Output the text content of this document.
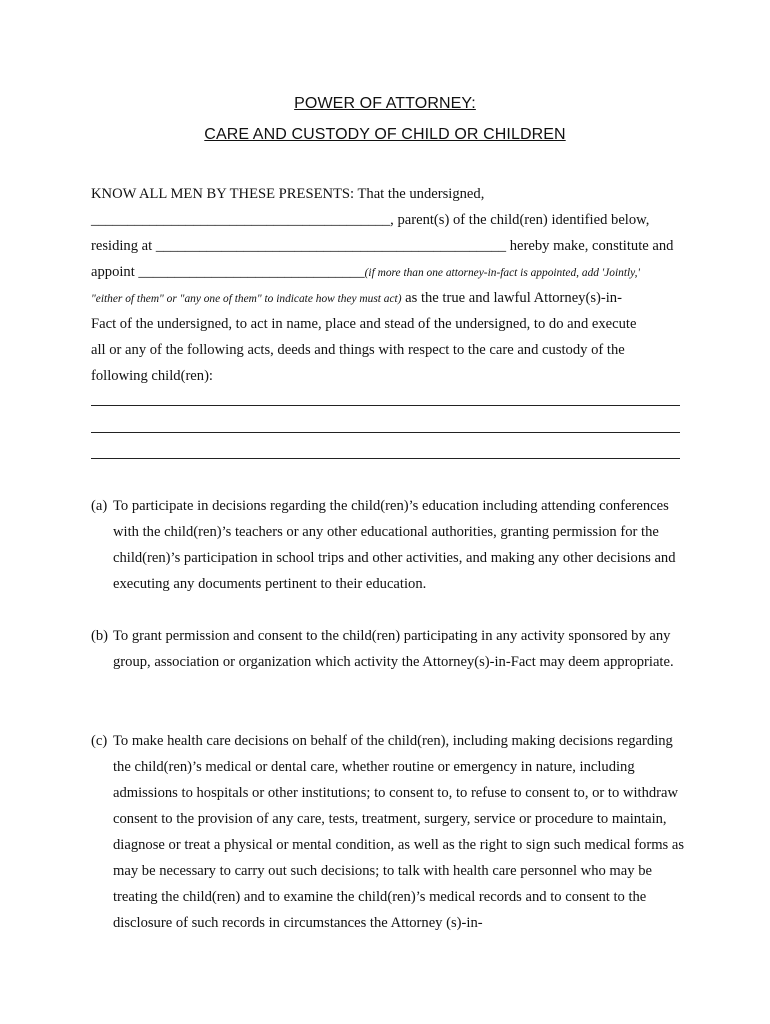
POWER OF ATTORNEY:
CARE AND CUSTODY OF CHILD OR CHILDREN
KNOW ALL MEN BY THESE PRESENTS: That the undersigned,
_________________________________________, parent(s) of the child(ren) identified below,
residing at ________________________________________________ hereby make, constitute and
appoint _______________________________(if more than one attorney-in-fact is appointed, add 'Jointly,'
"either of them" or "any one of them" to indicate how they must act) as the true and lawful Attorney(s)-in-
Fact of the undersigned, to act in name, place and stead of the undersigned, to do and execute
all or any of the following acts, deeds and things with respect to the care and custody of the
following child(ren):
(a) To participate in decisions regarding the child(ren)’s education including attending conferences with the child(ren)’s teachers or any other educational authorities, granting permission for the child(ren)’s participation in school trips and other activities, and making any other decisions and executing any documents pertinent to their education.
(b) To grant permission and consent to the child(ren) participating in any activity sponsored by any group, association or organization which activity the Attorney(s)-in-Fact may deem appropriate.
(c) To make health care decisions on behalf of the child(ren), including making decisions regarding the child(ren)’s medical or dental care, whether routine or emergency in nature, including admissions to hospitals or other institutions; to consent to, to refuse to consent to, or to withdraw consent to the provision of any care, tests, treatment, surgery, service or procedure to maintain, diagnose or treat a physical or mental condition, as well as the right to sign such medical forms as may be necessary to carry out such decisions; to talk with health care personnel who may be treating the child(ren) and to examine the child(ren)’s medical records and to consent to the disclosure of such records in circumstances the Attorney (s)-in-
